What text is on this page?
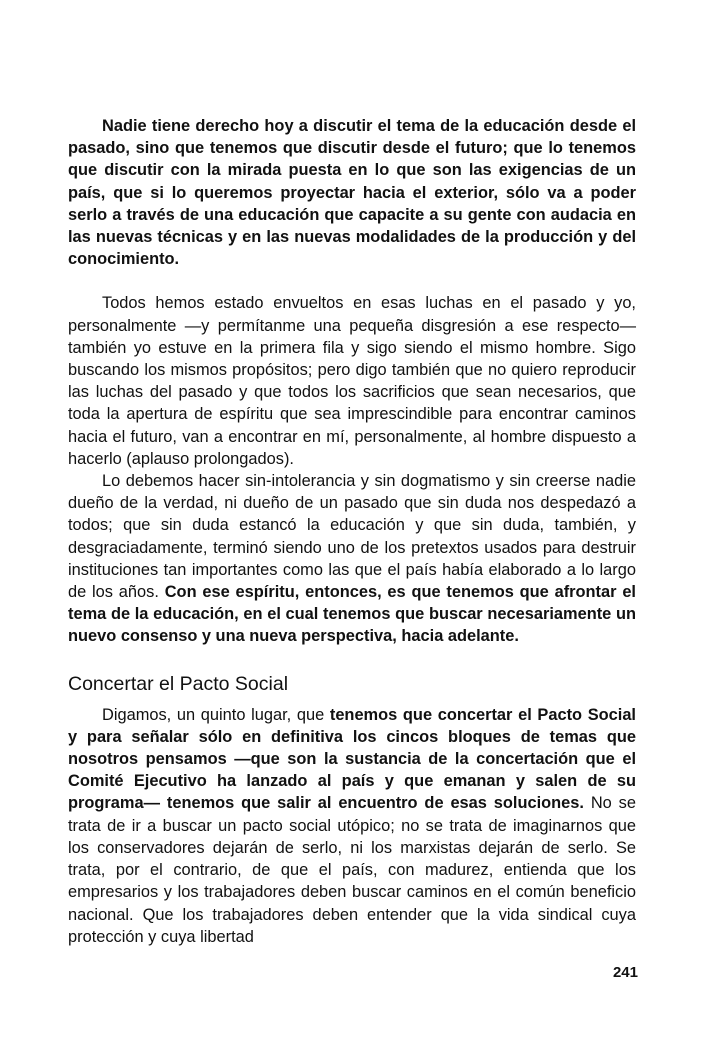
Nadie tiene derecho hoy a discutir el tema de la educación desde el pasado, sino que tenemos que discutir desde el futuro; que lo tenemos que discutir con la mirada puesta en lo que son las exigencias de un país, que si lo queremos proyectar hacia el exterior, sólo va a poder serlo a través de una educación que capacite a su gente con audacia en las nuevas técnicas y en las nuevas modalidades de la producción y del conocimiento.

Todos hemos estado envueltos en esas luchas en el pasado y yo, personalmente —y permítanme una pequeña disgresión a ese respecto— también yo estuve en la primera fila y sigo siendo el mismo hombre. Sigo buscando los mismos propósitos; pero digo también que no quiero reproducir las luchas del pasado y que todos los sacrificios que sean necesarios, que toda la apertura de espíritu que sea imprescindible para encontrar caminos hacia el futuro, van a encontrar en mí, personalmente, al hombre dispuesto a hacerlo (aplauso prolongados).

Lo debemos hacer sin-intolerancia y sin dogmatismo y sin creerse nadie dueño de la verdad, ni dueño de un pasado que sin duda nos despedazó a todos; que sin duda estancó la educación y que sin duda, también, y desgraciadamente, terminó siendo uno de los pretextos usados para destruir instituciones tan importantes como las que el país había elaborado a lo largo de los años. Con ese espíritu, entonces, es que tenemos que afrontar el tema de la educación, en el cual tenemos que buscar necesariamente un nuevo consenso y una nueva perspectiva, hacia adelante.

Concertar el Pacto Social

Digamos, un quinto lugar, que tenemos que concertar el Pacto Social y para señalar sólo en definitiva los cincos bloques de temas que nosotros pensamos —que son la sustancia de la concertación que el Comité Ejecutivo ha lanzado al país y que emanan y salen de su programa— tenemos que salir al encuentro de esas soluciones. No se trata de ir a buscar un pacto social utópico; no se trata de imaginarnos que los conservadores dejarán de serlo, ni los marxistas dejarán de serlo. Se trata, por el contrario, de que el país, con madurez, entienda que los empresarios y los trabajadores deben buscar caminos en el común beneficio nacional. Que los trabajadores deben entender que la vida sindical cuya protección y cuya libertad

241
